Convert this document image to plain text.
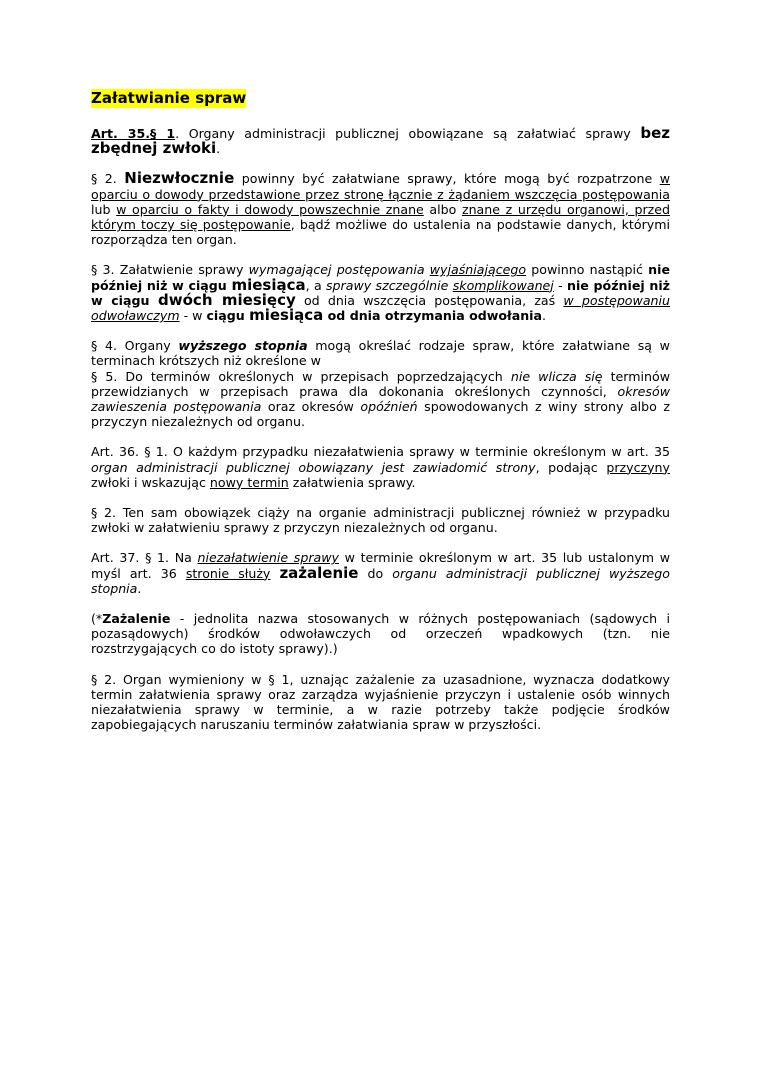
Załatwianie spraw
Art. 35.§ 1. Organy administracji publicznej obowiązane są załatwiać sprawy bez zbędnej zwłoki.
§ 2. Niezwłocznie powinny być załatwiane sprawy, które mogą być rozpatrzone w oparciu o dowody przedstawione przez stronę łącznie z żądaniem wszczęcia postępowania lub w oparciu o fakty i dowody powszechnie znane albo znane z urzędu organowi, przed którym toczy się postępowanie, bądź możliwe do ustalenia na podstawie danych, którymi rozporządza ten organ.
§ 3. Załatwienie sprawy wymagającej postępowania wyjaśniającego powinno nastąpić nie później niż w ciągu miesiąca, a sprawy szczególnie skomplikowanej - nie później niż w ciągu dwóch miesięcy od dnia wszczęcia postępowania, zaś w postępowaniu odwoławczym - w ciągu miesiąca od dnia otrzymania odwołania.
§ 4. Organy wyższego stopnia mogą określać rodzaje spraw, które załatwiane są w terminach krótszych niż określone w
§ 5. Do terminów określonych w przepisach poprzedzających nie wlicza się terminów przewidzianych w przepisach prawa dla dokonania określonych czynności, okresów zawieszenia postępowania oraz okresów opóźnień spowodowanych z winy strony albo z przyczyn niezależnych od organu.
Art. 36. § 1. O każdym przypadku niezałatwienia sprawy w terminie określonym w art. 35 organ administracji publicznej obowiązany jest zawiadomić strony, podając przyczyny zwłoki i wskazując nowy termin załatwienia sprawy.
§ 2. Ten sam obowiązek ciąży na organie administracji publicznej również w przypadku zwłoki w załatwieniu sprawy z przyczyn niezależnych od organu.
Art. 37. § 1. Na niezałatwienie sprawy w terminie określonym w art. 35 lub ustalonym w myśl art. 36 stronie służy zażalenie do organu administracji publicznej wyższego stopnia.
(*Zażalenie - jednolita nazwa stosowanych w różnych postępowaniach (sądowych i pozasądowych) środków odwoławczych od orzeczeń wpadkowych (tzn. nie rozstrzygających co do istoty sprawy).)
§ 2. Organ wymieniony w § 1, uznając zażalenie za uzasadnione, wyznacza dodatkowy termin załatwienia sprawy oraz zarządza wyjaśnienie przyczyn i ustalenie osób winnych niezałatwienia sprawy w terminie, a w razie potrzeby także podjęcie środków zapobiegających naruszaniu terminów załatwiania spraw w przyszłości.
